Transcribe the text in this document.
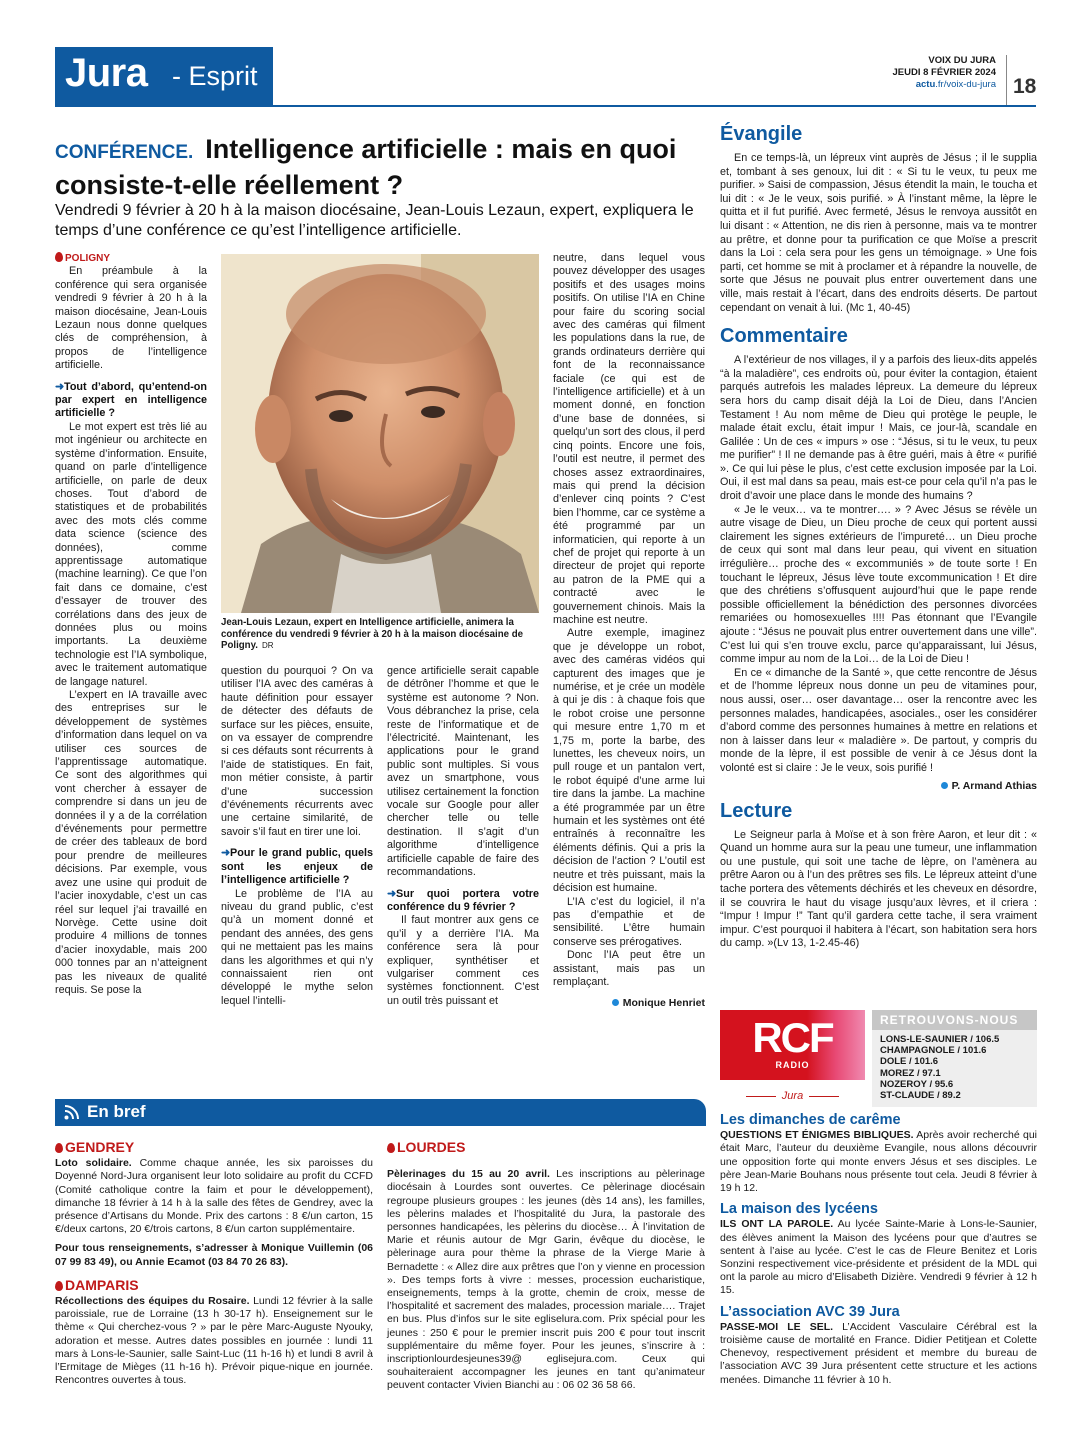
Jura - Esprit
VOIX DU JURA
JEUDI 8 FÉVRIER 2024
actu.fr/voix-du-jura 18
CONFÉRENCE. Intelligence artificielle : mais en quoi consiste-t-elle réellement ?
Vendredi 9 février à 20 h à la maison diocésaine, Jean-Louis Lezaun, expert, expliquera le temps d’une conférence ce qu’est l’intelligence artificielle.
POLIGNY

En préambule à la conférence qui sera organisée vendredi 9 février à 20 h à la maison diocésaine, Jean-Louis Lezaun nous donne quelques clés de compréhension, à propos de l’intelligence artificielle.

➜Tout d’abord, qu’entend-on par expert en intelligence artificielle ?

Le mot expert est très lié au mot ingénieur ou architecte en système d’information. Ensuite, quand on parle d’intelligence artificielle, on parle de deux choses. Tout d’abord de statistiques et de probabilités avec des mots clés comme data science (science des données), comme apprentissage automatique (machine learning). Ce que l’on fait dans ce domaine, c’est d’essayer de trouver des corrélations dans des jeux de données plus ou moins importants. La deuxième technologie est l’IA symbolique, avec le traitement automatique de langage naturel.

L’expert en IA travaille avec des entreprises sur le développement de systèmes d’information dans lequel on va utiliser ces sources de l’apprentissage automatique. Ce sont des algorithmes qui vont chercher à essayer de comprendre si dans un jeu de données il y a de la corrélation d’événements pour permettre de créer des tableaux de bord pour prendre de meilleures décisions. Par exemple, vous avez une usine qui produit de l’acier inoxydable, c’est un cas réel sur lequel j’ai travaillé en Norvège. Cette usine doit produire 4 millions de tonnes d’acier inoxydable, mais 200 000 tonnes par an n’atteignent pas les niveaux de qualité requis. Se pose la

Jean-Louis Lezaun, expert en Intelligence artificielle, animera la conférence du vendredi 9 février à 20 h à la maison diocésaine de Poligny. DR

question du pourquoi ? On va utiliser l’IA avec des caméras à haute définition pour essayer de détecter des défauts de surface sur les pièces, ensuite, on va essayer de comprendre si ces défauts sont récurrents à l’aide de statistiques. En fait, mon métier consiste, à partir d’une succession d’événements récurrents avec une certaine similarité, de savoir s’il faut en tirer une loi.

➜Pour le grand public, quels sont les enjeux de l’intelligence artificielle ?

Le problème de l’IA au niveau du grand public, c’est qu’à un moment donné et pendant des années, des gens qui ne mettaient pas les mains dans les algorithmes et qui n’y connaissaient rien ont développé le mythe selon lequel l’intelli-

gence artificielle serait capable de détrôner l’homme et que le système est autonome ? Non. Vous débranchez la prise, cela reste de l’informatique et de l’électricité. Maintenant, les applications pour le grand public sont multiples. Si vous avez un smartphone, vous utilisez certainement la fonction vocale sur Google pour aller chercher telle ou telle destination. Il s’agit d’un algorithme d’intelligence artificielle capable de faire des recommandations.

➜Sur quoi portera votre conférence du 9 février ?

Il faut montrer aux gens ce qu’il y a derrière l’IA. Ma conférence sera là pour expliquer, synthétiser et vulgariser comment ces systèmes fonctionnent. C’est un outil très puissant et

neutre, dans lequel vous pouvez développer des usages positifs et des usages moins positifs. On utilise l’IA en Chine pour faire du scoring social avec des caméras qui filment les populations dans la rue, de grands ordinateurs derrière qui font de la reconnaissance faciale (ce qui est de l’intelligence artificielle) et à un moment donné, en fonction d’une base de données, si quelqu’un sort des clous, il perd cinq points. Encore une fois, l’outil est neutre, il permet des choses assez extraordinaires, mais qui prend la décision d’enlever cinq points ? C’est bien l’homme, car ce système a été programmé par un informaticien, qui reporte à un chef de projet qui reporte à un directeur de projet qui reporte au patron de la PME qui a contracté avec le gouvernement chinois. Mais la machine est neutre.

Autre exemple, imaginez que je développe un robot, avec des caméras vidéos qui capturent des images que je numérise, et je crée un modèle à qui je dis : à chaque fois que le robot croise une personne qui mesure entre 1,70 m et 1,75 m, porte la barbe, des lunettes, les cheveux noirs, un pull rouge et un pantalon vert, le robot équipé d’une arme lui tire dans la jambe. La machine a été programmée par un être humain et les systèmes ont été entraînés à reconnaître les éléments définis. Qui a pris la décision de l’action ? L’outil est neutre et très puissant, mais la décision est humaine.

L’IA c’est du logiciel, il n’a pas d’empathie et de sensibilité. L’être humain conserve ses prérogatives.

Donc l’IA peut être un assistant, mais pas un remplaçant.

Monique Henriet
Évangile

En ce temps-là, un lépreux vint auprès de Jésus ; il le supplia et, tombant à ses genoux, lui dit : « Si tu le veux, tu peux me purifier. » Saisi de compassion, Jésus étendit la main, le toucha et lui dit : « Je le veux, sois purifié. » À l’instant même, la lèpre le quitta et il fut purifié. Avec fermeté, Jésus le renvoya aussitôt en lui disant : « Attention, ne dis rien à personne, mais va te montrer au prêtre, et donne pour ta purification ce que Moïse a prescrit dans la Loi : cela sera pour les gens un témoignage. » Une fois parti, cet homme se mit à proclamer et à répandre la nouvelle, de sorte que Jésus ne pouvait plus entrer ouvertement dans une ville, mais restait à l’écart, dans des endroits déserts. De partout cependant on venait à lui. (Mc 1, 40-45)

Commentaire

A l’extérieur de nos villages, il y a parfois des lieux-dits appelés “à la maladière”, ces endroits où, pour éviter la contagion, étaient parqués autrefois les malades lépreux. La demeure du lépreux sera hors du camp disait déjà la Loi de Dieu, dans l’Ancien Testament ! Au nom même de Dieu qui protège le peuple, le malade était exclu, était impur ! Mais, ce jour-là, scandale en Galilée : Un de ces « impurs » ose : “Jésus, si tu le veux, tu peux me purifier” ! Il ne demande pas à être guéri, mais à être « purifié ». Ce qui lui pèse le plus, c’est cette exclusion imposée par la Loi. Oui, il est mal dans sa peau, mais est-ce pour cela qu’il n’a pas le droit d’avoir une place dans le monde des humains ?

« Je le veux… va te montrer…. » ? Avec Jésus se révèle un autre visage de Dieu, un Dieu proche de ceux qui portent aussi clairement les signes extérieurs de l’impureté… un Dieu proche de ceux qui sont mal dans leur peau, qui vivent en situation irrégulière… proche des « excommuniés » de toute sorte ! En touchant le lépreux, Jésus lève toute excommunication ! Et dire que des chrétiens s’offusquent aujourd’hui que le pape rende possible officiellement la bénédiction des personnes divorcées remariées ou homosexuelles !!!! Pas étonnant que l’Evangile ajoute : “Jésus ne pouvait plus entrer ouvertement dans une ville”. C’est lui qui s’en trouve exclu, parce qu’apparaissant, lui Jésus, comme impur au nom de la Loi… de la Loi de Dieu !

En ce « dimanche de la Santé », que cette rencontre de Jésus et de l’homme lépreux nous donne un peu de vitamines pour, nous aussi, oser… oser davantage… oser la rencontre avec les personnes malades, handicapées, asociales., oser les considérer d’abord comme des personnes humaines à mettre en relations et non à laisser dans leur « maladière ». De partout, y compris du monde de la lèpre, il est possible de venir à ce Jésus dont la volonté est si claire : Je le veux, sois purifié !

P. Armand Athias
Lecture

Le Seigneur parla à Moïse et à son frère Aaron, et leur dit : « Quand un homme aura sur la peau une tumeur, une inflammation ou une pustule, qui soit une tache de lèpre, on l’amènera au prêtre Aaron ou à l’un des prêtres ses fils. Le lépreux atteint d’une tache portera des vêtements déchirés et les cheveux en désordre, il se couvrira le haut du visage jusqu’aux lèvres, et il criera : “Impur ! Impur !” Tant qu’il gardera cette tache, il sera vraiment impur. C’est pourquoi il habitera à l’écart, son habitation sera hors du camp. »(Lv 13, 1-2.45-46)

RCF
RADIO
Jura
RETROUVONS-NOUS
LONS-LE-SAUNIER / 106.5
CHAMPAGNOLE / 101.6
DOLE / 101.6
MOREZ / 97.1
NOZEROY / 95.6
ST-CLAUDE / 89.2
En bref
GENDREY
Loto solidaire. Comme chaque année, les six paroisses du Doyenné Nord-Jura organisent leur loto solidaire au profit du CCFD (Comité catholique contre la faim et pour le développement), dimanche 18 février à 14 h à la salle des fêtes de Gendrey, avec la présence d’Artisans du Monde. Prix des cartons : 8 €/un carton, 15 €/deux cartons, 20 €/trois cartons, 8 €/un carton supplémentaire.
Pour tous renseignements, s’adresser à Monique Vuillemin (06 07 99 83 49), ou Annie Ecamot (03 84 70 26 83).
DAMPARIS
Récollections des équipes du Rosaire. Lundi 12 février à la salle paroissiale, rue de Lorraine (13 h 30-17 h). Enseignement sur le thème « Qui cherchez-vous ? » par le père Marc-Auguste Nyouky, adoration et messe. Autres dates possibles en journée : lundi 11 mars à Lons-le-Saunier, salle Saint-Luc (11 h-16 h) et lundi 8 avril à l’Ermitage de Mièges (11 h-16 h). Prévoir pique-nique en journée. Rencontres ouvertes à tous.
LOURDES
Pèlerinages du 15 au 20 avril. Les inscriptions au pèlerinage diocésain à Lourdes sont ouvertes. Ce pèlerinage diocésain regroupe plusieurs groupes : les jeunes (dès 14 ans), les familles, les pèlerins malades et l’hospitalité du Jura, la pastorale des personnes handicapées, les pèlerins du diocèse… À l’invitation de Marie et réunis autour de Mgr Garin, évêque du diocèse, le pèlerinage aura pour thème la phrase de la Vierge Marie à Bernadette : « Allez dire aux prêtres que l’on y vienne en procession ». Des temps forts à vivre : messes, procession eucharistique, enseignements, temps à la grotte, chemin de croix, messe de l’hospitalité et sacrement des malades, procession mariale…. Trajet en bus. Plus d’infos sur le site egliselura.com. Prix spécial pour les jeunes : 250 € pour le premier inscrit puis 200 € pour tout inscrit supplémentaire du même foyer. Pour les jeunes, s’inscrire à : inscriptionlourdesjeunes39@ eglisejura.com. Ceux qui souhaiteraient accompagner les jeunes en tant qu’animateur peuvent contacter Vivien Bianchi au : 06 02 36 58 66.
Les dimanches de carême
QUESTIONS ET ÉNIGMES BIBLIQUES. Après avoir recherché qui était Marc, l’auteur du deuxième Evangile, nous allons découvrir une opposition forte qui monte envers Jésus et ses disciples. Le père Jean-Marie Bouhans nous présente tout cela. Jeudi 8 février à 19 h 12.
La maison des lycéens
ILS ONT LA PAROLE. Au lycée Sainte-Marie à Lons-le-Saunier, des élèves animent la Maison des lycéens pour que d’autres se sentent à l’aise au lycée. C’est le cas de Fleure Benitez et Loris Sonzini respectivement vice-présidente et président de la MDL qui ont la parole au micro d’Elisabeth Dizière. Vendredi 9 février à 12 h 15.
L’association AVC 39 Jura
PASSE-MOI LE SEL. L’Accident Vasculaire Cérébral est la troisième cause de mortalité en France. Didier Petitjean et Colette Chenevoy, respectivement président et membre du bureau de l’association AVC 39 Jura présentent cette structure et les actions menées. Dimanche 11 février à 10 h.
